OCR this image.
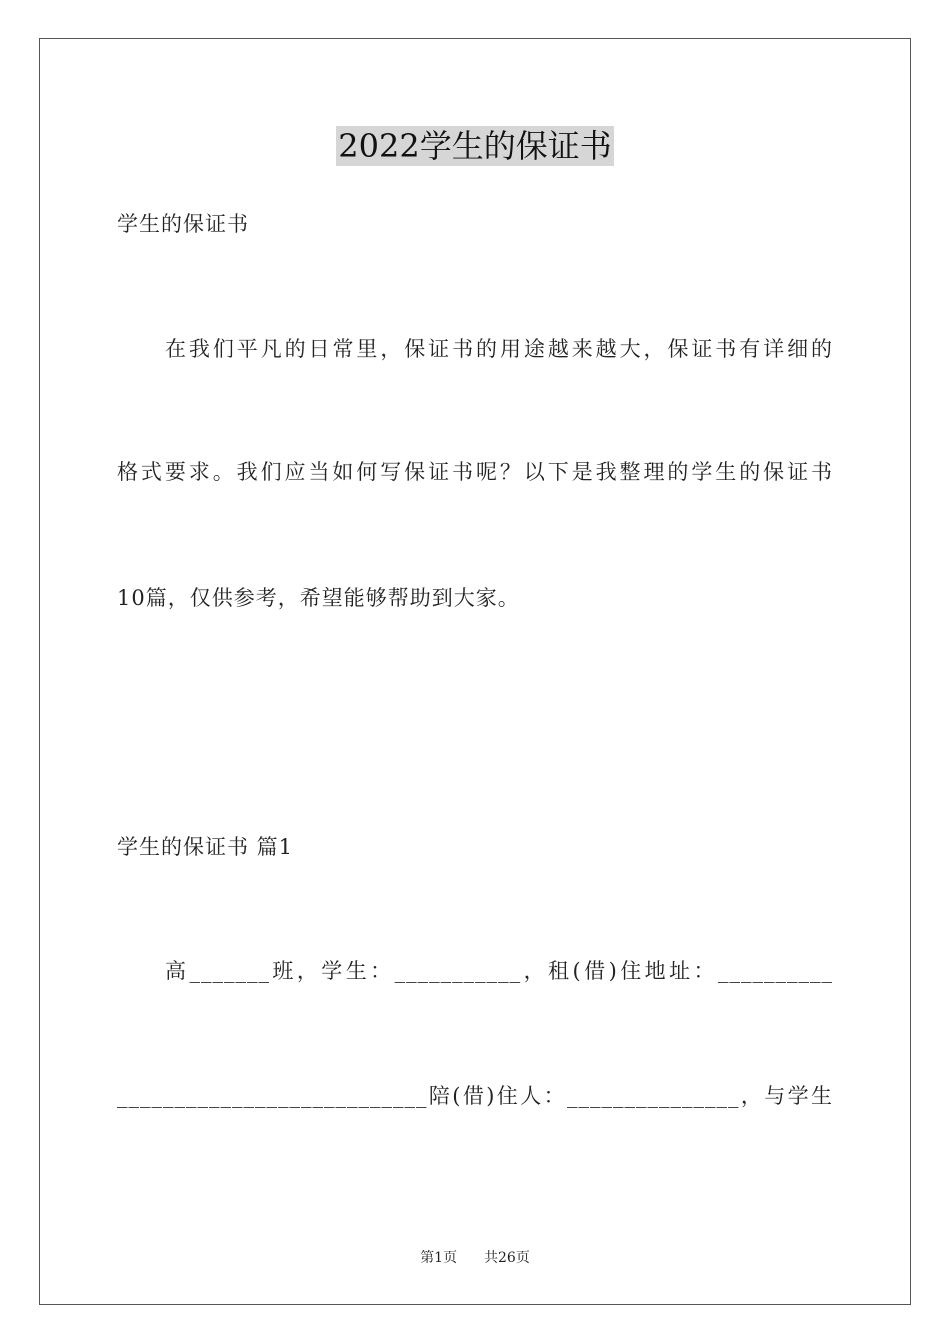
2022学生的保证书
学生的保证书
在我们平凡的日常里，保证书的用途越来越大，保证书有详细的
格式要求。我们应当如何写保证书呢？以下是我整理的学生的保证书
10篇，仅供参考，希望能够帮助到大家。
学生的保证书 篇1
高_______班，学生：___________，租(借)住地址：__________
___________________________陪(借)住人：_______________，与学生
第1页 共26页
